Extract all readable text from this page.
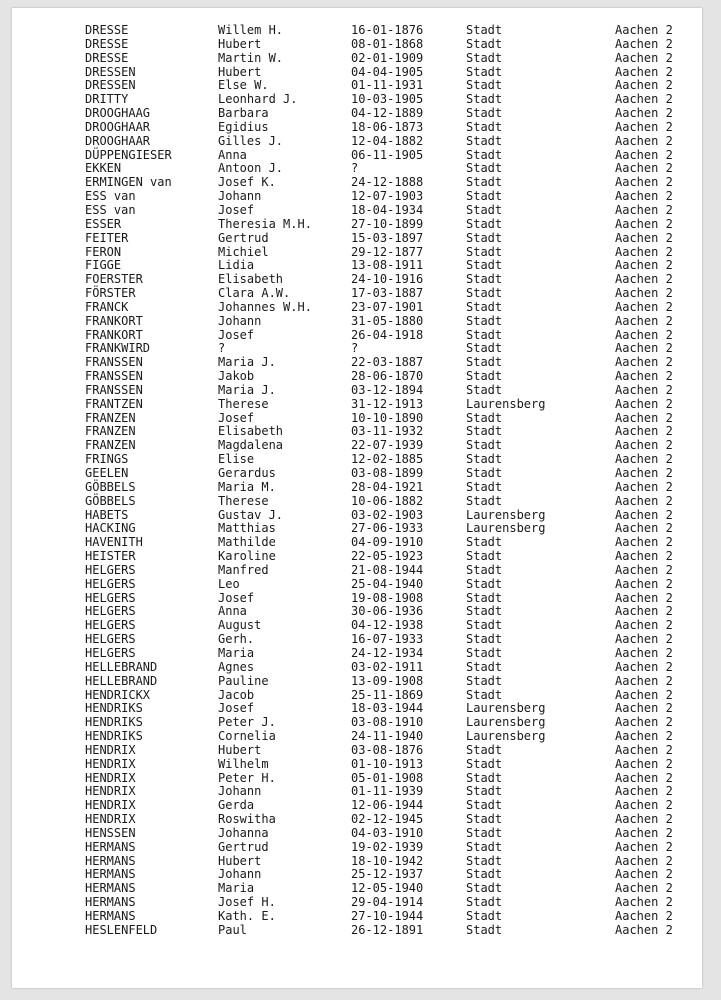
DRESSE	Willem H.	16-01-1876	Stadt	Aachen 2
DRESSE	Hubert	08-01-1868	Stadt	Aachen 2
DRESSE	Martin W.	02-01-1909	Stadt	Aachen 2
DRESSEN	Hubert	04-04-1905	Stadt	Aachen 2
DRESSEN	Else W.	01-11-1931	Stadt	Aachen 2
DRITTY	Leonhard J.	10-03-1905	Stadt	Aachen 2
DROOGHAAG	Barbara	04-12-1889	Stadt	Aachen 2
DROOGHAAR	Egidius	18-06-1873	Stadt	Aachen 2
DROOGHAAR	Gilles J.	12-04-1882	Stadt	Aachen 2
DÜPPENGIESER	Anna	06-11-1905	Stadt	Aachen 2
EKKEN	Antoon J.	?	Stadt	Aachen 2
ERMINGEN van	Josef K.	24-12-1888	Stadt	Aachen 2
ESS van	Johann	12-07-1903	Stadt	Aachen 2
ESS van	Josef	18-04-1934	Stadt	Aachen 2
ESSER	Theresia M.H.	27-10-1899	Stadt	Aachen 2
FEITER	Gertrud	15-03-1897	Stadt	Aachen 2
FERON	Michiel	29-12-1877	Stadt	Aachen 2
FIGGE	Lidia	13-08-1911	Stadt	Aachen 2
FOERSTER	Elisabeth	24-10-1916	Stadt	Aachen 2
FÖRSTER	Clara A.W.	17-03-1887	Stadt	Aachen 2
FRANCK	Johannes W.H.	23-07-1901	Stadt	Aachen 2
FRANKORT	Johann	31-05-1880	Stadt	Aachen 2
FRANKORT	Josef	26-04-1918	Stadt	Aachen 2
FRANKWIRD	?	?	Stadt	Aachen 2
FRANSSEN	Maria J.	22-03-1887	Stadt	Aachen 2
FRANSSEN	Jakob	28-06-1870	Stadt	Aachen 2
FRANSSEN	Maria J.	03-12-1894	Stadt	Aachen 2
FRANTZEN	Therese	31-12-1913	Laurensberg	Aachen 2
FRANZEN	Josef	10-10-1890	Stadt	Aachen 2
FRANZEN	Elisabeth	03-11-1932	Stadt	Aachen 2
FRANZEN	Magdalena	22-07-1939	Stadt	Aachen 2
FRINGS	Elise	12-02-1885	Stadt	Aachen 2
GEELEN	Gerardus	03-08-1899	Stadt	Aachen 2
GÖBBELS	Maria M.	28-04-1921	Stadt	Aachen 2
GÖBBELS	Therese	10-06-1882	Stadt	Aachen 2
HABETS	Gustav J.	03-02-1903	Laurensberg	Aachen 2
HACKING	Matthias	27-06-1933	Laurensberg	Aachen 2
HAVENITH	Mathilde	04-09-1910	Stadt	Aachen 2
HEISTER	Karoline	22-05-1923	Stadt	Aachen 2
HELGERS	Manfred	21-08-1944	Stadt	Aachen 2
HELGERS	Leo	25-04-1940	Stadt	Aachen 2
HELGERS	Josef	19-08-1908	Stadt	Aachen 2
HELGERS	Anna	30-06-1936	Stadt	Aachen 2
HELGERS	August	04-12-1938	Stadt	Aachen 2
HELGERS	Gerh.	16-07-1933	Stadt	Aachen 2
HELGERS	Maria	24-12-1934	Stadt	Aachen 2
HELLEBRAND	Agnes	03-02-1911	Stadt	Aachen 2
HELLEBRAND	Pauline	13-09-1908	Stadt	Aachen 2
HENDRICKX	Jacob	25-11-1869	Stadt	Aachen 2
HENDRIKS	Josef	18-03-1944	Laurensberg	Aachen 2
HENDRIKS	Peter J.	03-08-1910	Laurensberg	Aachen 2
HENDRIKS	Cornelia	24-11-1940	Laurensberg	Aachen 2
HENDRIX	Hubert	03-08-1876	Stadt	Aachen 2
HENDRIX	Wilhelm	01-10-1913	Stadt	Aachen 2
HENDRIX	Peter H.	05-01-1908	Stadt	Aachen 2
HENDRIX	Johann	01-11-1939	Stadt	Aachen 2
HENDRIX	Gerda	12-06-1944	Stadt	Aachen 2
HENDRIX	Roswitha	02-12-1945	Stadt	Aachen 2
HENSSEN	Johanna	04-03-1910	Stadt	Aachen 2
HERMANS	Gertrud	19-02-1939	Stadt	Aachen 2
HERMANS	Hubert	18-10-1942	Stadt	Aachen 2
HERMANS	Johann	25-12-1937	Stadt	Aachen 2
HERMANS	Maria	12-05-1940	Stadt	Aachen 2
HERMANS	Josef H.	29-04-1914	Stadt	Aachen 2
HERMANS	Kath. E.	27-10-1944	Stadt	Aachen 2
HESLENFELD	Paul	26-12-1891	Stadt	Aachen 2
